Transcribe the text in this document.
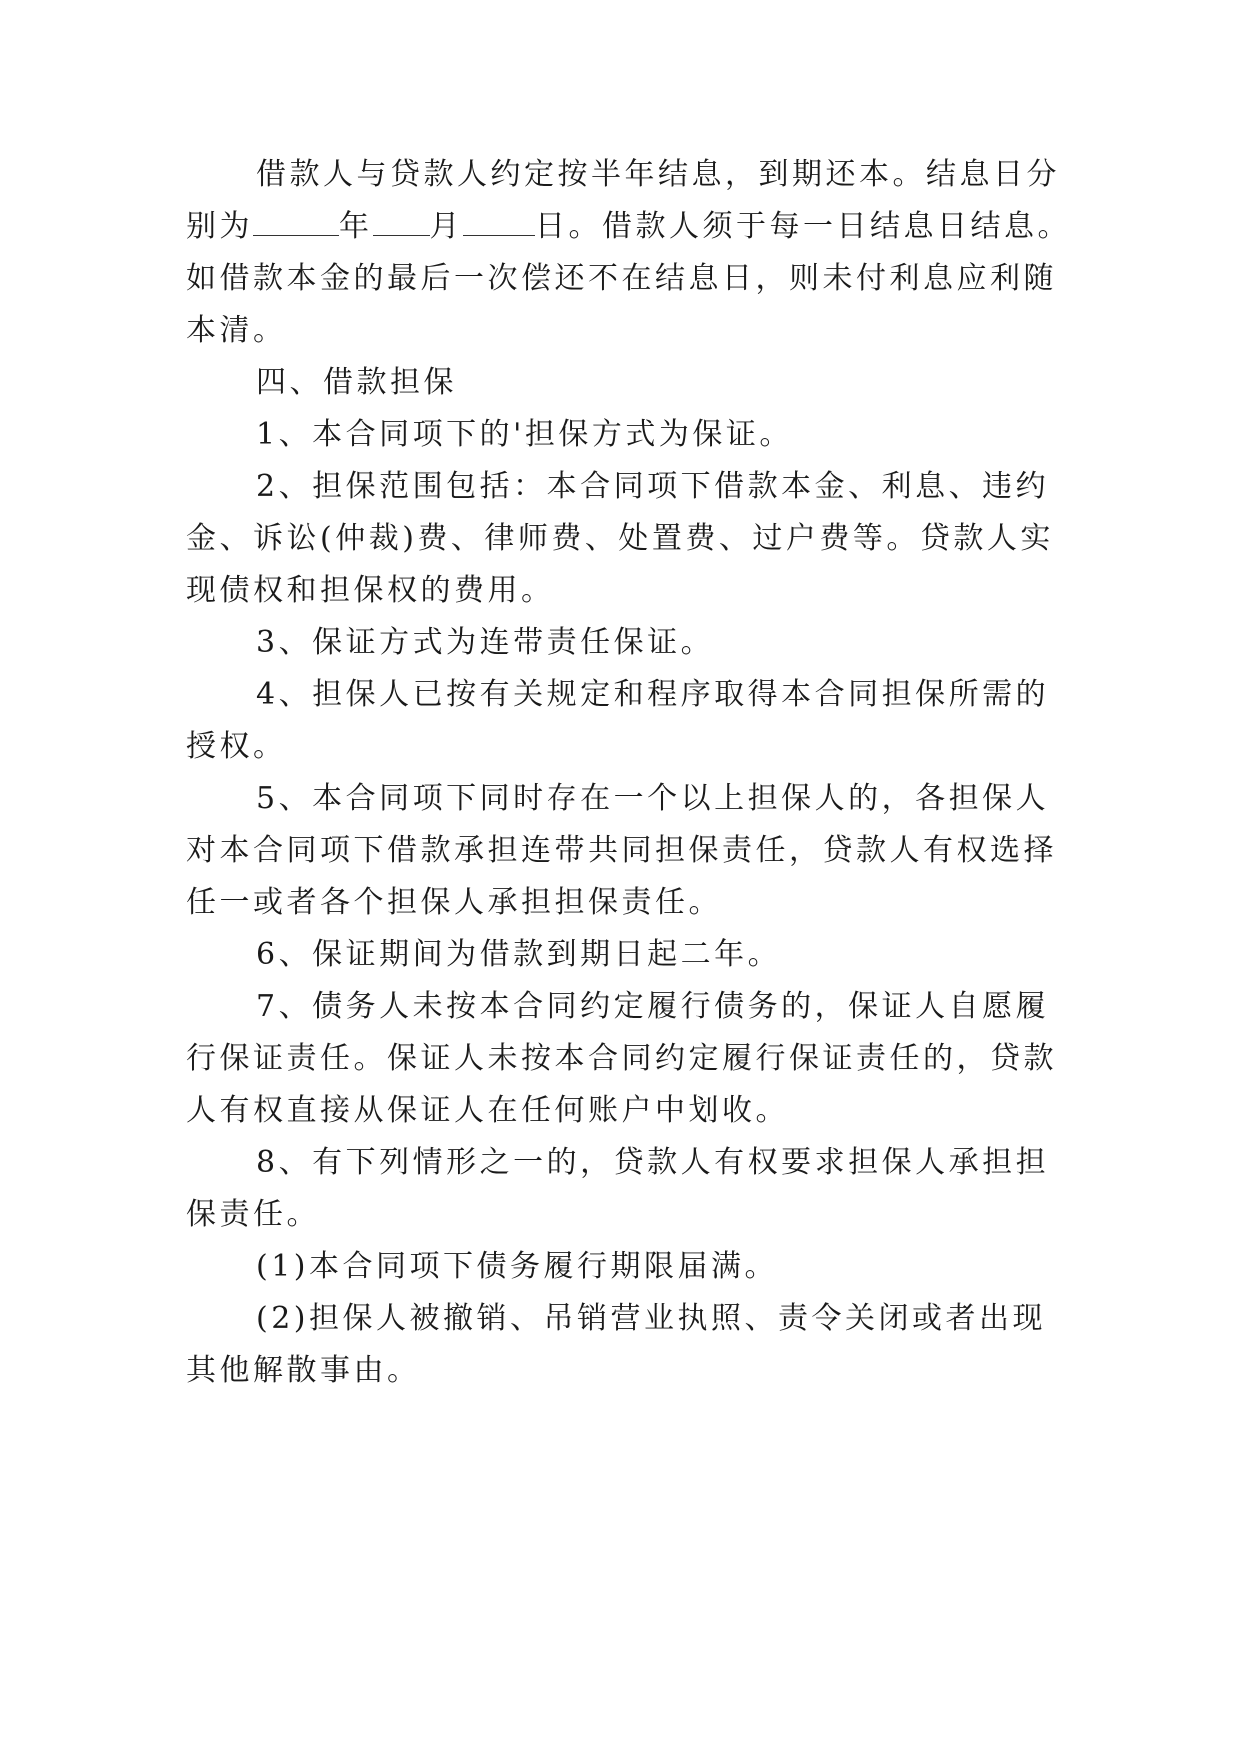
借款人与贷款人约定按半年结息，到期还本。结息日分
别为	年 月 日。借款人须于每一日结息日结息。
如借款本金的最后一次偿还不在结息日，则未付利息应利随
本清。
四、借款担保
1、本合同项下的'担保方式为保证。
2、担保范围包括：本合同项下借款本金、利息、违约
金、诉讼(仲裁)费、律师费、处置费、过户费等。贷款人实
现债权和担保权的费用。
3、保证方式为连带责任保证。
4、担保人已按有关规定和程序取得本合同担保所需的
授权。
5、本合同项下同时存在一个以上担保人的，各担保人
对本合同项下借款承担连带共同担保责任，贷款人有权选择
任一或者各个担保人承担担保责任。
6、保证期间为借款到期日起二年。
7、债务人未按本合同约定履行债务的，保证人自愿履
行保证责任。保证人未按本合同约定履行保证责任的，贷款
人有权直接从保证人在任何账户中划收。
8、有下列情形之一的，贷款人有权要求担保人承担担
保责任。
(1)本合同项下债务履行期限届满。
(2)担保人被撤销、吊销营业执照、责令关闭或者出现
其他解散事由。
